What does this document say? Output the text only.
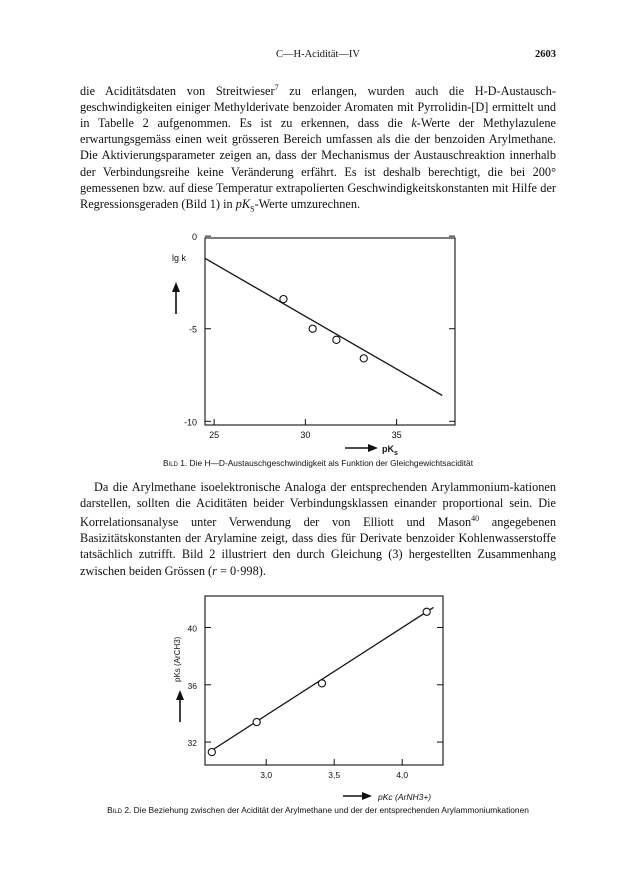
C—H-Acidität—IV	2603

die Aciditätsdaten von Streitwieser$^7$ zu erlangen, wurden auch die H-D-Austausch-geschwindigkeiten einiger Methylderivate benzoider Aromaten mit Pyrrolidin-[D] ermittelt und in Tabelle 2 aufgenommen. Es ist zu erkennen, dass die k-Werte der Methylazulene erwartungsgemäss einen weit grösseren Bereich umfassen als die der benzoiden Arylmethane. Die Aktivierungsparameter zeigen an, dass der Mechanismus der Austauschreaktion innerhalb der Verbindungsreihe keine Veränderung erfährt. Es ist deshalb berechtigt, die bei 200° gemessenen bzw. auf diese Temperatur extrapolierten Geschwindigkeitskonstanten mit Hilfe der Regressionsgeraden (Bild 1) in $pK_S$-Werte umzurechnen.

25	30	35
0
-5
-10
lg k
$pK_s$
Bild 1. Die H—D-Austauschgeschwindigkeit als Funktion der Gleichgewichtsacidität

Da die Arylmethane isoelektronische Analoga der entsprechenden Arylammonium-kationen darstellen, sollten die Aciditäten beider Verbindungsklassen einander proportional sein. Die Korrelationsanalyse unter Verwendung der von Elliott und Mason$^{40}$ angegebenen Basizitätskonstanten der Arylamine zeigt, dass dies für Derivate benzoider Kohlenwasserstoffe tatsächlich zutrifft. Bild 2 illustriert den durch Gleichung (3) hergestellten Zusammenhang zwischen beiden Grössen (r = 0·998).

3,0	3,5	4,0
32
36
40
pKs (ArCH3)
pKc (ArNH3+)
Bild 2. Die Beziehung zwischen der Acidität der Arylmethane und der der entsprechenden Arylammoniumkationen
